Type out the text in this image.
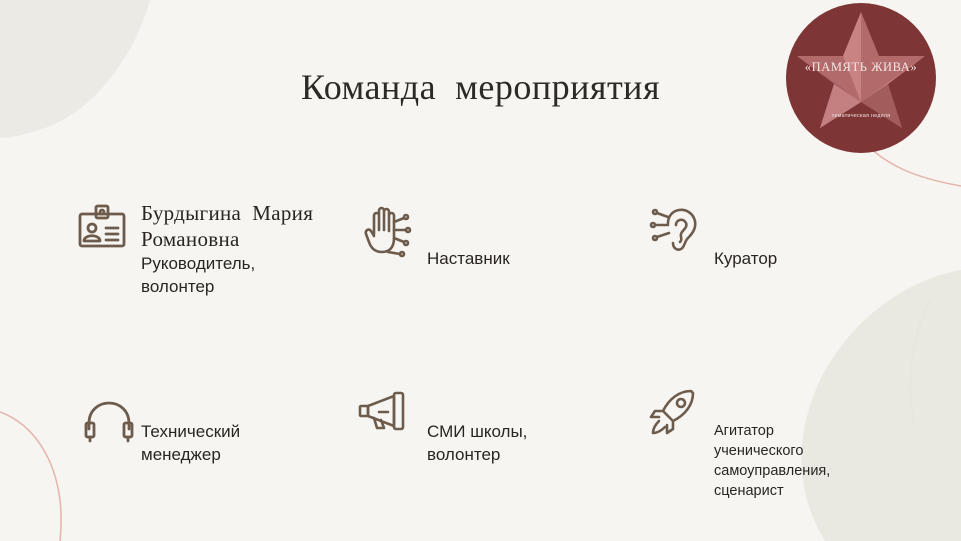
Команда  мероприятия	«ПАМЯТЬ ЖИВА»
тематическая неделя
Бурдыгина  Мария
Романовна
Руководитель,
волонтер
Наставник	Куратор
Технический
менеджер
СМИ школы,
волонтер
Агитатор
ученического
самоуправления,
сценарист
